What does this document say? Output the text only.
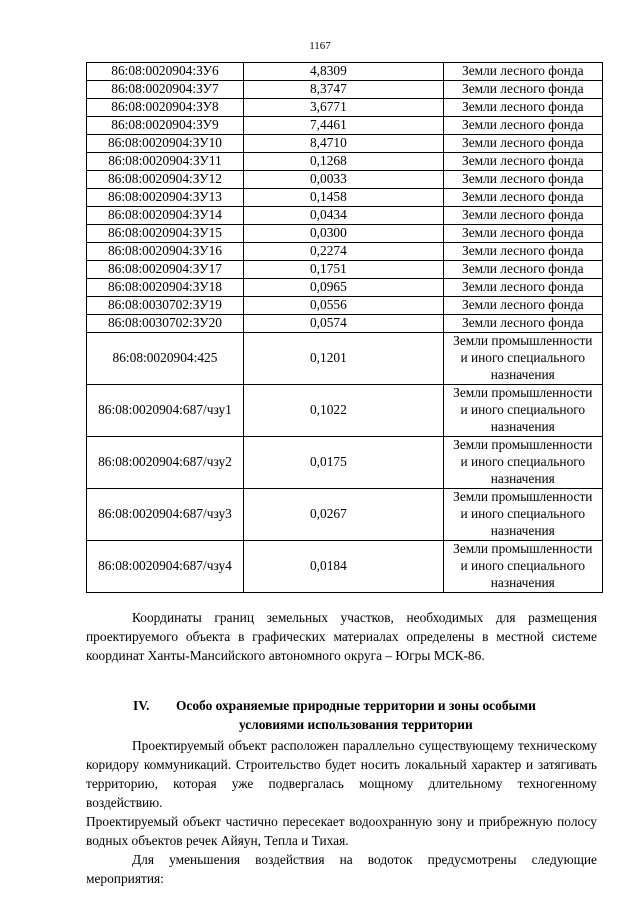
1167
86:08:0020904:ЗУ6	4,8309	Земли лесного фонда
86:08:0020904:ЗУ7	8,3747	Земли лесного фонда
86:08:0020904:ЗУ8	3,6771	Земли лесного фонда
86:08:0020904:ЗУ9	7,4461	Земли лесного фонда
86:08:0020904:ЗУ10	8,4710	Земли лесного фонда
86:08:0020904:ЗУ11	0,1268	Земли лесного фонда
86:08:0020904:ЗУ12	0,0033	Земли лесного фонда
86:08:0020904:ЗУ13	0,1458	Земли лесного фонда
86:08:0020904:ЗУ14	0,0434	Земли лесного фонда
86:08:0020904:ЗУ15	0,0300	Земли лесного фонда
86:08:0020904:ЗУ16	0,2274	Земли лесного фонда
86:08:0020904:ЗУ17	0,1751	Земли лесного фонда
86:08:0020904:ЗУ18	0,0965	Земли лесного фонда
86:08:0030702:ЗУ19	0,0556	Земли лесного фонда
86:08:0030702:ЗУ20	0,0574	Земли лесного фонда
86:08:0020904:425	0,1201	Земли промышленности
и иного специального
назначения

86:08:0020904:687/чзу1	0,1022	Земли промышленности
и иного специального
назначения

86:08:0020904:687/чзу2	0,0175	Земли промышленности
и иного специального
назначения

86:08:0020904:687/чзу3	0,0267	Земли промышленности
и иного специального
назначения

86:08:0020904:687/чзу4	0,0184	Земли промышленности
и иного специального
назначения

Координаты границ земельных участков, необходимых для размещения проектируемого объекта в графических материалах определены в местной системе координат Ханты-Мансийского автономного округа – Югры МСК-86.

IV. Особо охраняемые природные территории и зоны особыми
условиями использования территории

Проектируемый объект расположен параллельно существующему техническому коридору коммуникаций. Строительство будет носить локальный характер и затягивать территорию, которая уже подвергалась мощному длительному техногенному воздействию.

Проектируемый объект частично пересекает водоохранную зону и прибрежную полосу водных объектов речек Айяун, Тепла и Тихая.

Для уменьшения воздействия на водоток предусмотрены следующие мероприятия:
